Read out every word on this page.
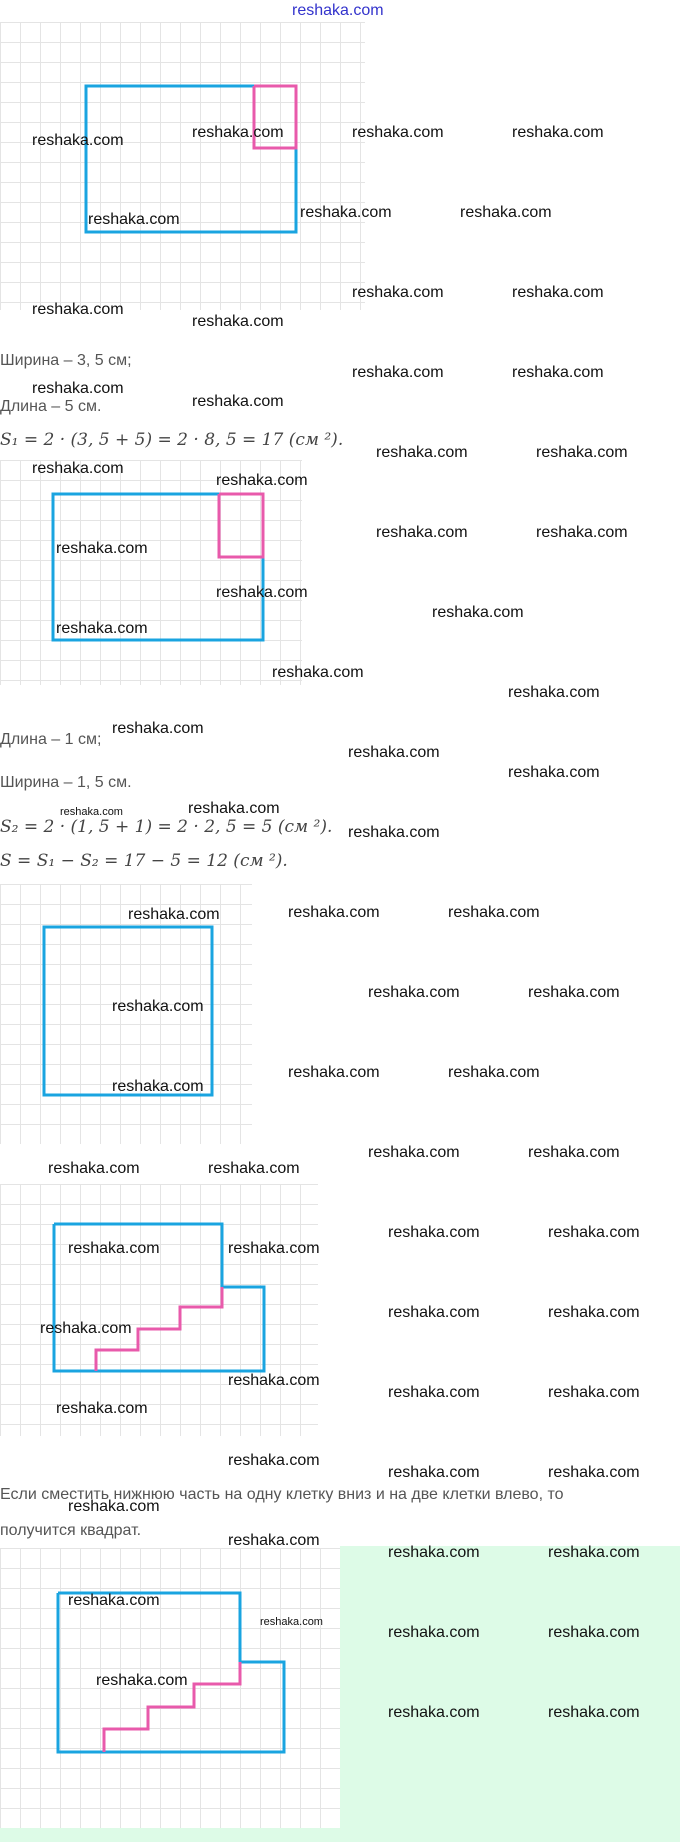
reshaka.com
Ширина – 3, 5 см;
Длина – 5 см.
S₁ = 2 · (3, 5 + 5) = 2 · 8, 5 = 17 (см ²).
Длина – 1 см;
Ширина – 1, 5 см.
S₂ = 2 · (1, 5 + 1) = 2 · 2, 5 = 5 (см ²).
S = S₁ − S₂ = 17 − 5 = 12 (см ²).
Если сместить нижнюю часть на одну клетку вниз и на две клетки влево, то
получится квадрат.
reshaka.com	reshaka.com	reshaka.com	reshaka.com
reshaka.com	reshaka.com	reshaka.com
reshaka.com	reshaka.com
reshaka.com
reshaka.com
reshaka.com	reshaka.com
reshaka.com
reshaka.com
reshaka.com	reshaka.com
reshaka.com
reshaka.com
reshaka.com
reshaka.com	reshaka.com
reshaka.com
reshaka.com
reshaka.com
reshaka.com
reshaka.com
reshaka.com
reshaka.com
reshaka.com
reshaka.com
reshaka.com
reshaka.com	reshaka.com
reshaka.com
reshaka.com
reshaka.com	reshaka.com
reshaka.com
reshaka.com	reshaka.com
reshaka.com	reshaka.com
reshaka.com	reshaka.com
reshaka.com	reshaka.com
reshaka.com	reshaka.com
reshaka.com
reshaka.com	reshaka.com
reshaka.com
reshaka.com
reshaka.com	reshaka.com
reshaka.com
reshaka.com	reshaka.com
reshaka.com
reshaka.com
reshaka.com	reshaka.com
reshaka.com
reshaka.com	reshaka.com
reshaka.com
reshaka.com	reshaka.com
reshaka.com
reshaka.com
